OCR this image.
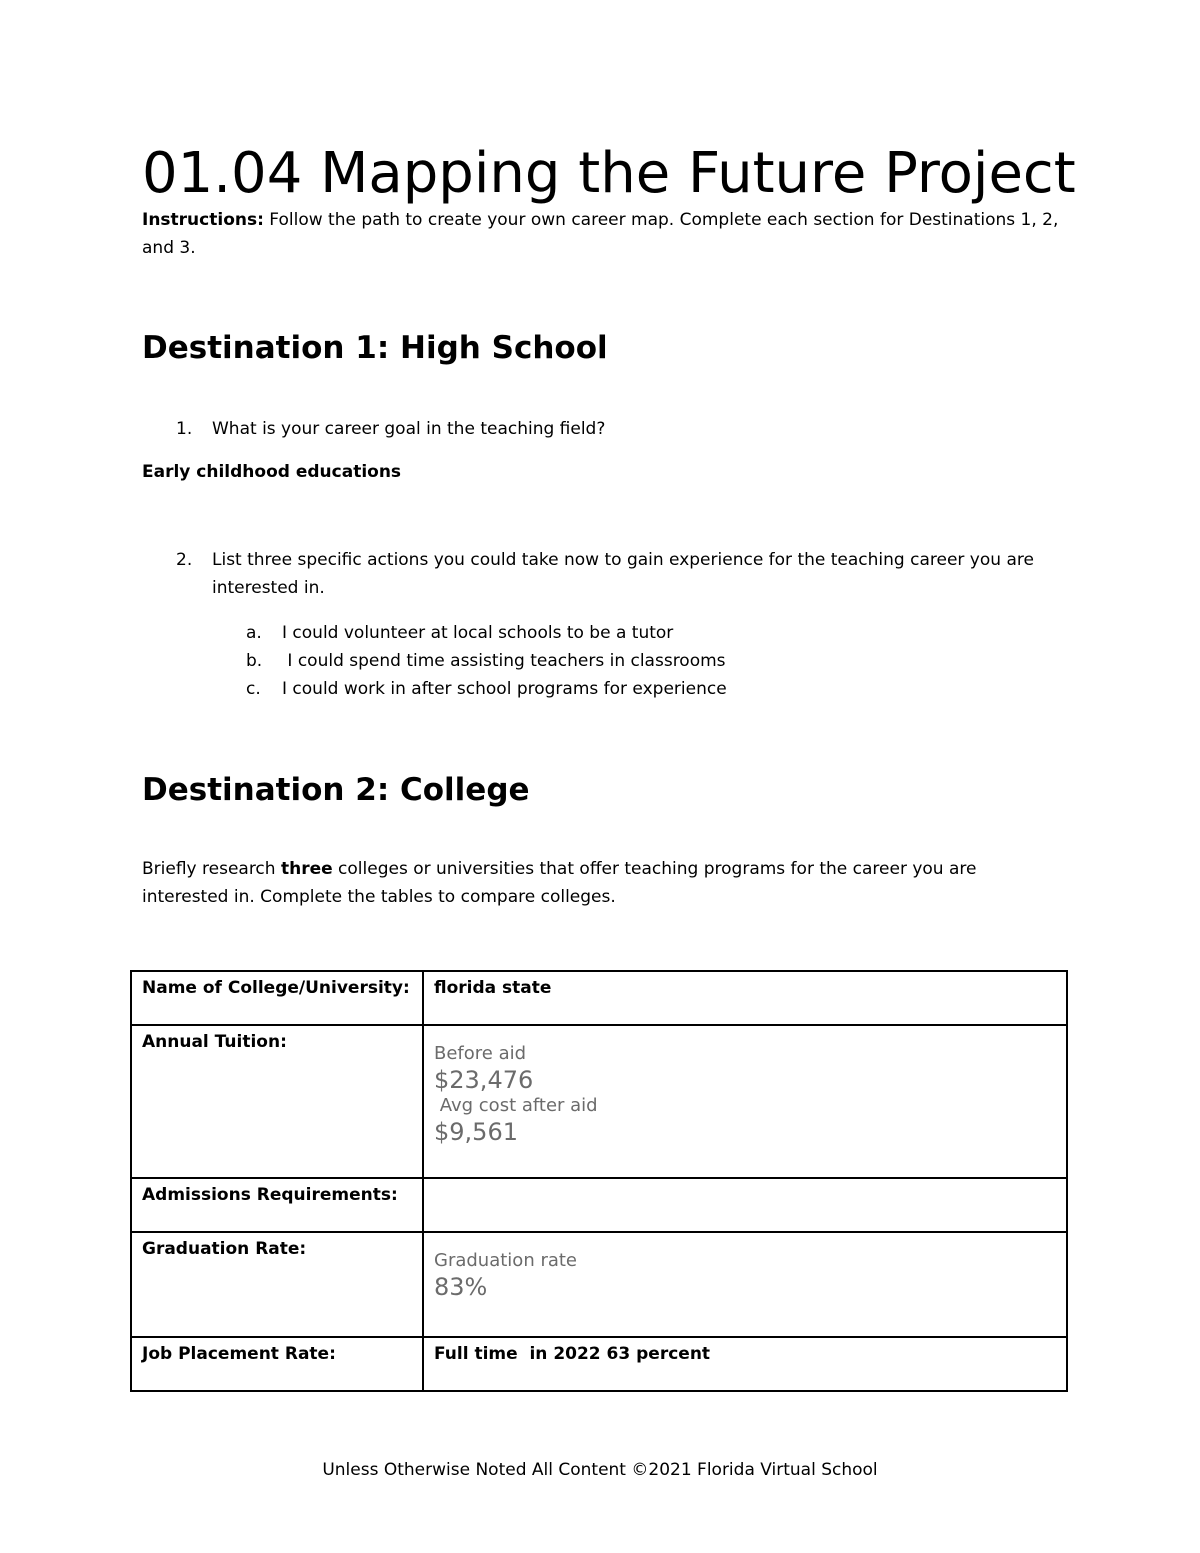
01.04 Mapping the Future Project

Instructions: Follow the path to create your own career map. Complete each section for Destinations 1, 2, and 3.

Destination 1: High School
1.	What is your career goal in the teaching field?

Early childhood educations

2.	List three specific actions you could take now to gain experience for the teaching career you are interested in.
a. I could volunteer at local schools to be a tutor
b. I could spend time assisting teachers in classrooms
c. I could work in after school programs for experience
Destination 2: College

Briefly research three colleges or universities that offer teaching programs for the career you are interested in. Complete the tables to compare colleges.

Name of College/University:	florida state
Annual Tuition:	Before aid
$23,476
Avg cost after aid
$9,561

Admissions Requirements:	
Graduation Rate:	Graduation rate
83%

Job Placement Rate:	Full time  in 2022 63 percent

Unless Otherwise Noted All Content ©2021 Florida Virtual School
